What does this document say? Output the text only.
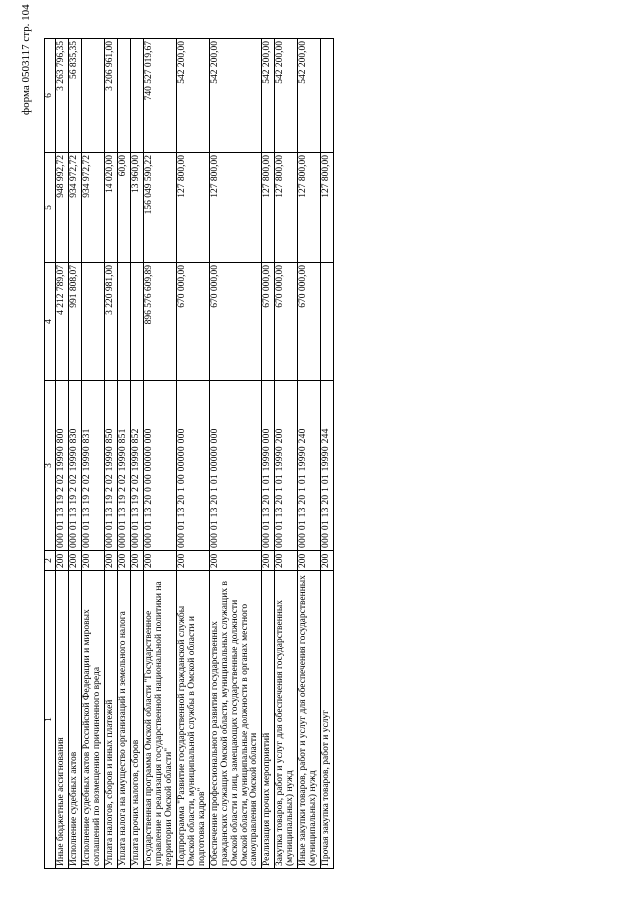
форма 0503117 стр. 104
1	2	3	4	5	6
Иные бюджетные ассигнования	200	000 01 13 19 2 02 19990 800	4 212 789,07	948 992,72	3 263 796,35
Исполнение судебных актов	200	000 01 13 19 2 02 19990 830	991 808,07	934 972,72	56 835,35
Исполнение судебных актов Российской Федерации и мировых соглашений по возмещению причиненного вреда	200	000 01 13 19 2 02 19990 831		934 972,72	
Уплата налогов, сборов и иных платежей	200	000 01 13 19 2 02 19990 850	3 220 981,00	14 020,00	3 206 961,00
Уплата налога на имущество организаций и земельного налога	200	000 01 13 19 2 02 19990 851		60,00	
Уплата прочих налогов, сборов	200	000 01 13 19 2 02 19990 852		13 960,00	
Государственная программа Омской области "Государственное управление и реализация государственной национальной политики на территории Омской области"	200	000 01 13 20 0 00 00000 000	896 576 609,89	156 049 590,22	740 527 019,67
Подпрограмма "Развитие государственной гражданской службы Омской области, муниципальной службы в Омской области и подготовка кадров"	200	000 01 13 20 1 00 00000 000	670 000,00	127 800,00	542 200,00
Обеспечение профессионального развития государственных гражданских служащих Омской области, муниципальных служащих в Омской области и лиц, замещающих государственные должности Омской области, муниципальные должности в органах местного самоуправления Омской области	200	000 01 13 20 1 01 00000 000	670 000,00	127 800,00	542 200,00
Реализация прочих мероприятий	200	000 01 13 20 1 01 19990 000	670 000,00	127 800,00	542 200,00
Закупка товаров, работ и услуг для обеспечения государственных (муниципальных) нужд	200	000 01 13 20 1 01 19990 200	670 000,00	127 800,00	542 200,00
Иные закупки товаров, работ и услуг для обеспечения государственных (муниципальных) нужд	200	000 01 13 20 1 01 19990 240	670 000,00	127 800,00	542 200,00
Прочая закупка товаров, работ и услуг	200	000 01 13 20 1 01 19990 244		127 800,00	
